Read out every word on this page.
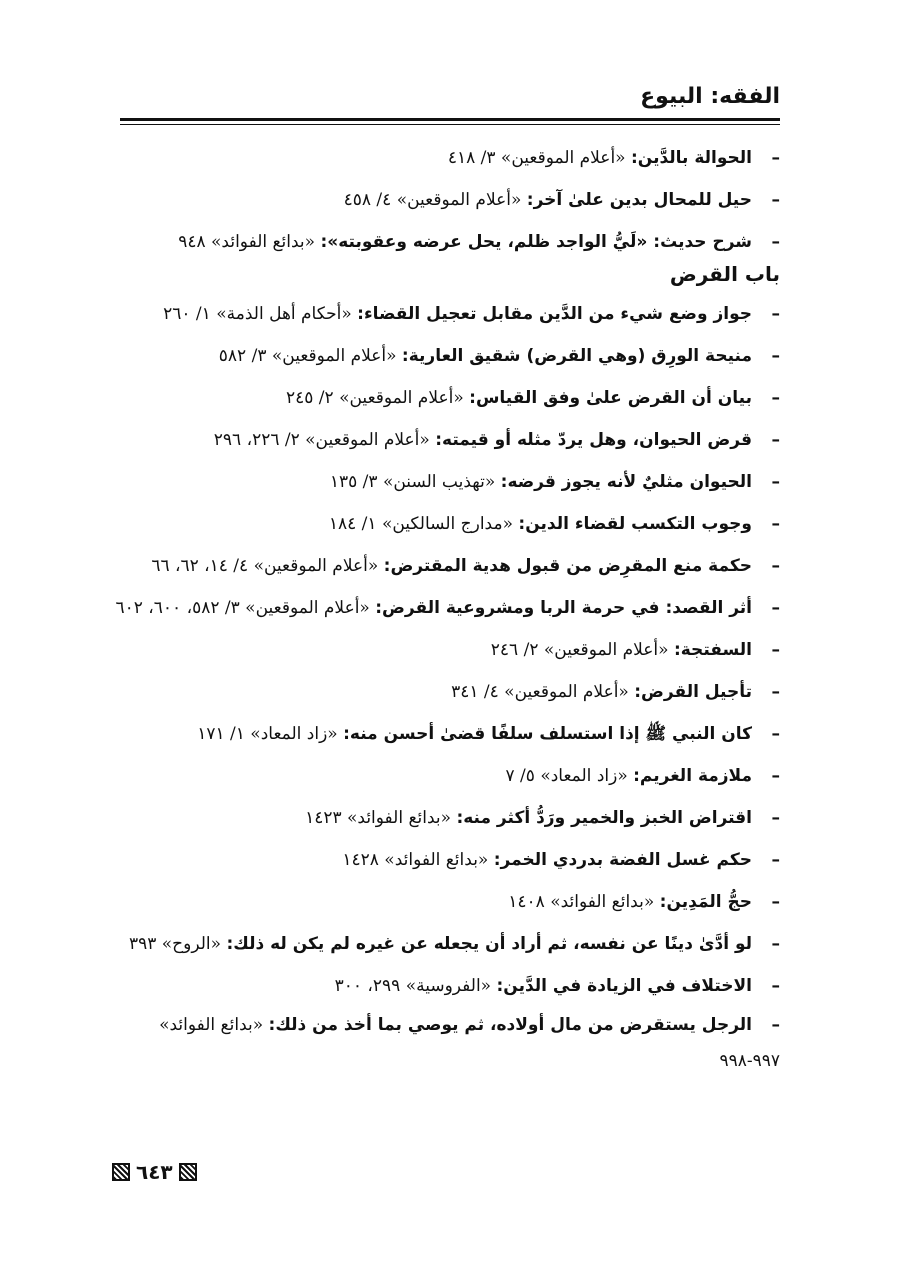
الفقه: البيوع
–الحوالة بالدَّين: «أعلام الموقعين» ٣/ ٤١٨
–حيل للمحال بدين علىٰ آخر: «أعلام الموقعين» ٤/ ٤٥٨
–شرح حديث: «لَيُّ الواجد ظلم، يحل عرضه وعقوبته»: «بدائع الفوائد» ٩٤٨
باب القرض
–جواز وضع شيء من الدَّين مقابل تعجيل القضاء: «أحكام أهل الذمة» ١/ ٢٦٠
–منيحة الورِق (وهي القرض) شقيق العارية: «أعلام الموقعين» ٣/ ٥٨٢
–بيان أن القرض علىٰ وفق القياس: «أعلام الموقعين» ٢/ ٢٤٥
–قرض الحيوان، وهل يردّ مثله أو قيمته: «أعلام الموقعين» ٢/ ٢٢٦، ٢٩٦
–الحيوان مثليٌ لأنه يجوز قرضه: «تهذيب السنن» ٣/ ١٣٥
–وجوب التكسب لقضاء الدين: «مدارج السالكين» ١/ ١٨٤
–حكمة منع المقرِض من قبول هدية المقترض: «أعلام الموقعين» ٤/ ١٤، ٦٢، ٦٦
–أثر القصد: في حرمة الربا ومشروعية القرض: «أعلام الموقعين» ٣/ ٥٨٢، ٦٠٠، ٦٠٢
–السفتجة: «أعلام الموقعين» ٢/ ٢٤٦
–تأجيل القرض: «أعلام الموقعين» ٤/ ٣٤١
–كان النبي ﷺ إذا استسلف سلفًا قضىٰ أحسن منه: «زاد المعاد» ١/ ١٧١
–ملازمة الغريم: «زاد المعاد» ٥/ ٧
–اقتراض الخبز والخمير ورَدُّ أكثر منه: «بدائع الفوائد» ١٤٢٣
–حكم غسل الفضة بدردي الخمر: «بدائع الفوائد» ١٤٢٨
–حجُّ المَدِين: «بدائع الفوائد» ١٤٠٨
–لو أدَّىٰ دينًا عن نفسه، ثم أراد أن يجعله عن غيره لم يكن له ذلك: «الروح» ٣٩٣
–الاختلاف في الزيادة في الدَّين: «الفروسية» ٢٩٩، ٣٠٠
–الرجل يستقرض من مال أولاده، ثم يوصي بما أخذ من ذلك: «بدائع الفوائد» ٩٩٧-٩٩٨
٦٤٣
